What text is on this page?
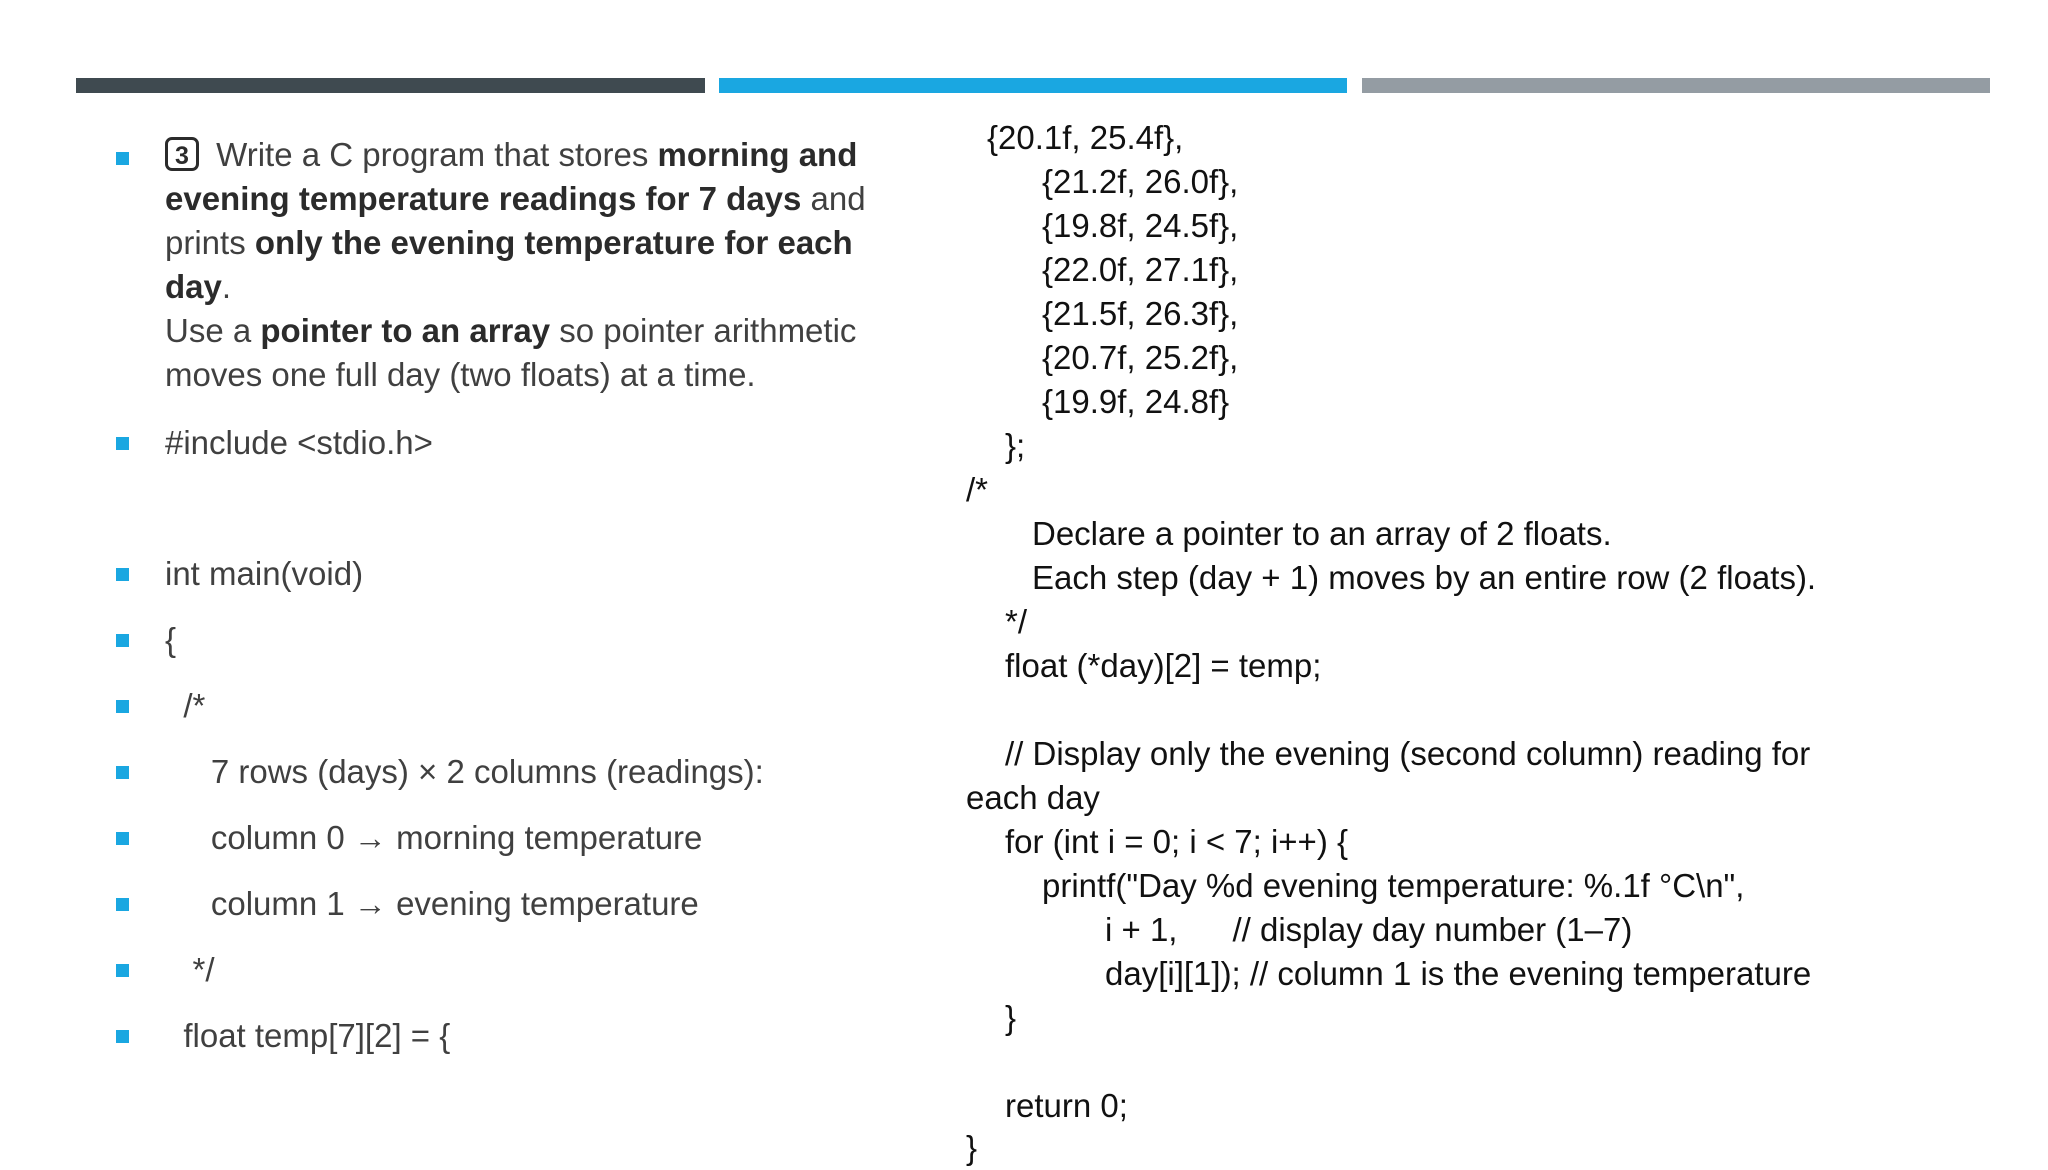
3 Write a C program that stores morning and evening temperature readings for 7 days and prints only the evening temperature for each day.
Use a pointer to an array so pointer arithmetic moves one full day (two floats) at a time.
#include <stdio.h>
int main(void)
{
/*
7 rows (days) × 2 columns (readings):
column 0 → morning temperature
column 1 → evening temperature
*/
float temp[7][2] = {
{20.1f, 25.4f},
{21.2f, 26.0f},
{19.8f, 24.5f},
{22.0f, 27.1f},
{21.5f, 26.3f},
{20.7f, 25.2f},
{19.9f, 24.8f}
};
/*
Declare a pointer to an array of 2 floats.
Each step (day + 1) moves by an entire row (2 floats).
*/
float (*day)[2] = temp;
// Display only the evening (second column) reading for
each day
for (int i = 0; i < 7; i++) {
printf("Day %d evening temperature: %.1f °C\n",
i + 1,      // display day number (1–7)
day[i][1]); // column 1 is the evening temperature
}
return 0;
}
